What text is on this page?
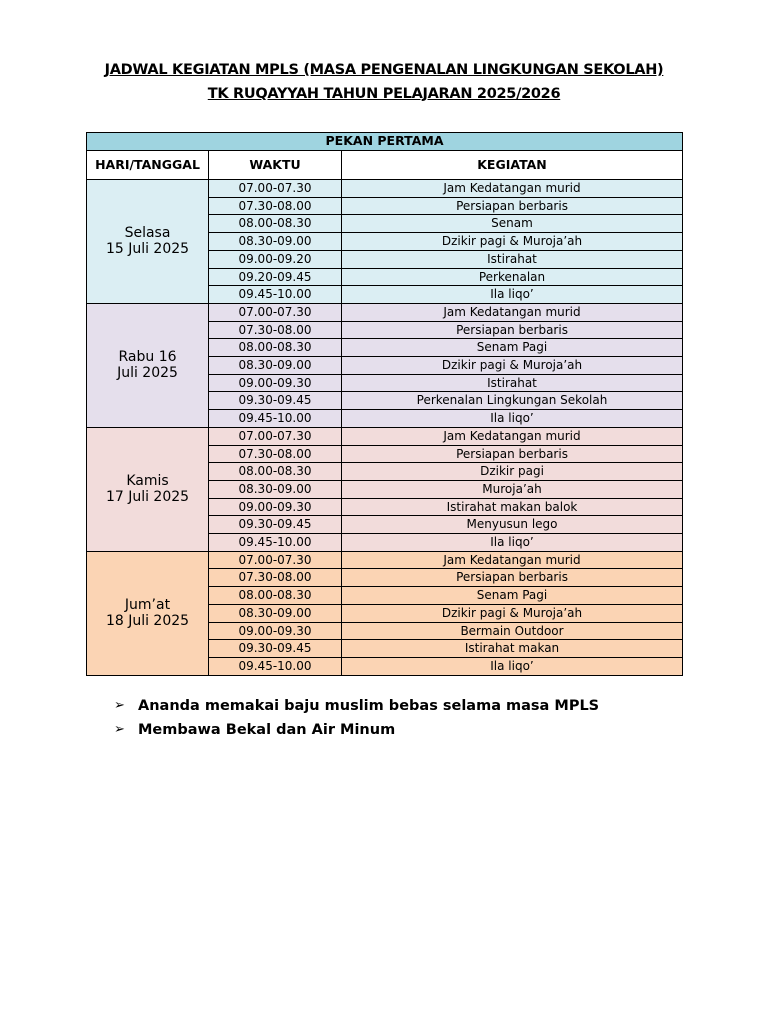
JADWAL KEGIATAN MPLS (MASA PENGENALAN LINGKUNGAN SEKOLAH)
TK RUQAYYAH TAHUN PELAJARAN 2025/2026
PEKAN PERTAMA		
HARI/TANGGAL	WAKTU	KEGIATAN
Selasa
15 Juli 2025	07.00-07.30	Jam Kedatangan murid
	07.30-08.00	Persiapan berbaris
	08.00-08.30	Senam
	08.30-09.00	Dzikir pagi & Muroja’ah
	09.00-09.20	Istirahat
	09.20-09.45	Perkenalan
	09.45-10.00	Ila liqo’
Rabu 16
Juli 2025	07.00-07.30	Jam Kedatangan murid
	07.30-08.00	Persiapan berbaris
	08.00-08.30	Senam Pagi
	08.30-09.00	Dzikir pagi & Muroja’ah
	09.00-09.30	Istirahat
	09.30-09.45	Perkenalan Lingkungan Sekolah
	09.45-10.00	Ila liqo’
Kamis
17 Juli 2025	07.00-07.30	Jam Kedatangan murid
	07.30-08.00	Persiapan berbaris
	08.00-08.30	Dzikir pagi
	08.30-09.00	Muroja’ah
	09.00-09.30	Istirahat makan balok
	09.30-09.45	Menyusun lego
	09.45-10.00	Ila liqo’
Jum’at
18 Juli 2025	07.00-07.30	Jam Kedatangan murid
	07.30-08.00	Persiapan berbaris
	08.00-08.30	Senam Pagi
	08.30-09.00	Dzikir pagi & Muroja’ah
	09.00-09.30	Bermain Outdoor
	09.30-09.45	Istirahat makan
	09.45-10.00	Ila liqo’
➢ Ananda memakai baju muslim bebas selama masa MPLS
➢ Membawa Bekal dan Air Minum
